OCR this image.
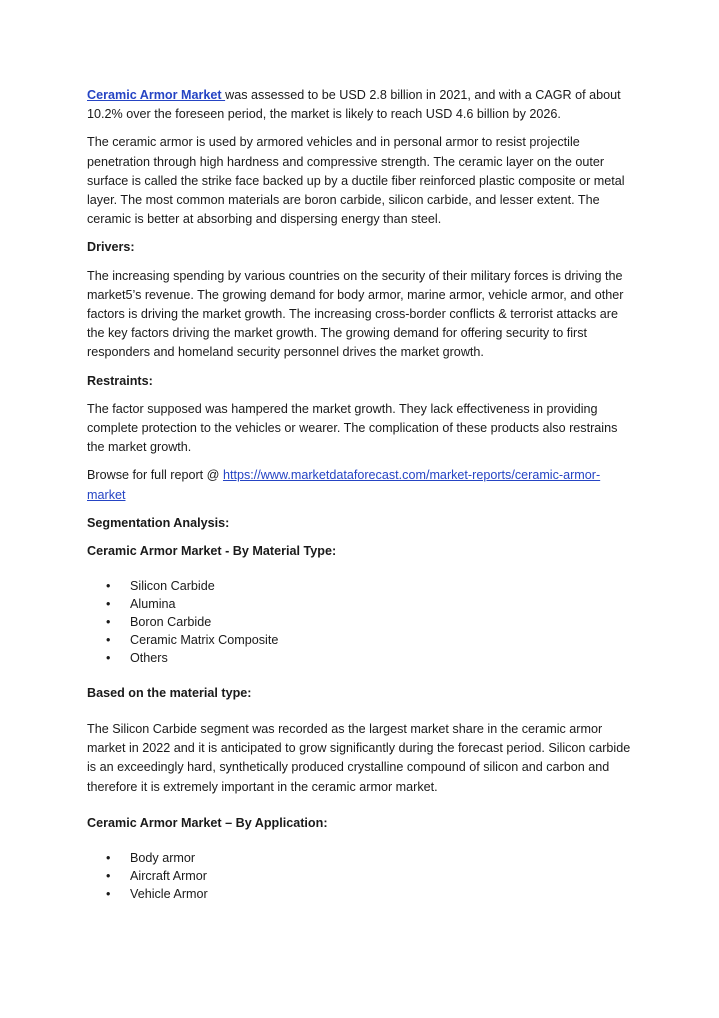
Ceramic Armor Market was assessed to be USD 2.8 billion in 2021, and with a CAGR of about 10.2% over the foreseen period, the market is likely to reach USD 4.6 billion by 2026.

The ceramic armor is used by armored vehicles and in personal armor to resist projectile penetration through high hardness and compressive strength. The ceramic layer on the outer surface is called the strike face backed up by a ductile fiber reinforced plastic composite or metal layer. The most common materials are boron carbide, silicon carbide, and lesser extent. The ceramic is better at absorbing and dispersing energy than steel.

Drivers:

The increasing spending by various countries on the security of their military forces is driving the market5’s revenue. The growing demand for body armor, marine armor, vehicle armor, and other factors is driving the market growth. The increasing cross-border conflicts & terrorist attacks are the key factors driving the market growth. The growing demand for offering security to first responders and homeland security personnel drives the market growth.

Restraints:

The factor supposed was hampered the market growth. They lack effectiveness in providing complete protection to the vehicles or wearer. The complication of these products also restrains the market growth.

Browse for full report @ https://www.marketdataforecast.com/market-reports/ceramic-armor-market

Segmentation Analysis:

Ceramic Armor Market - By Material Type:

• Silicon Carbide
• Alumina
• Boron Carbide
• Ceramic Matrix Composite
• Others

Based on the material type:

The Silicon Carbide segment was recorded as the largest market share in the ceramic armor market in 2022 and it is anticipated to grow significantly during the forecast period. Silicon carbide is an exceedingly hard, synthetically produced crystalline compound of silicon and carbon and therefore it is extremely important in the ceramic armor market.

Ceramic Armor Market – By Application:

• Body armor
• Aircraft Armor
• Vehicle Armor
